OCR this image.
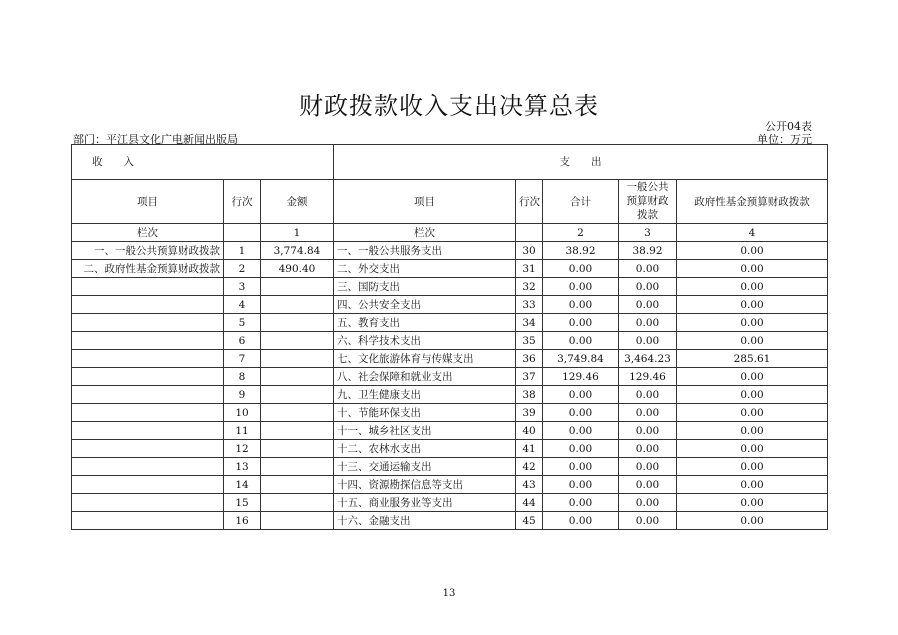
财政拨款收入支出决算总表
公开04表
部门：平江县文化广电新闻出版局	单位：万元
收　　入			支　　出				
项目	行次	金额	项目	行次	合计	一般公共
预算财政
拨款	政府性基金预算财政拨款
栏次		1	栏次		2	3	4
一、一般公共预算财政拨款	1	3,774.84	一、一般公共服务支出	30	38.92	38.92	0.00
二、政府性基金预算财政拨款	2	490.40	二、外交支出	31	0.00	0.00	0.00
	3		三、国防支出	32	0.00	0.00	0.00
	4		四、公共安全支出	33	0.00	0.00	0.00
	5		五、教育支出	34	0.00	0.00	0.00
	6		六、科学技术支出	35	0.00	0.00	0.00
	7		七、文化旅游体育与传媒支出	36	3,749.84	3,464.23	285.61
	8		八、社会保障和就业支出	37	129.46	129.46	0.00
	9		九、卫生健康支出	38	0.00	0.00	0.00
	10		十、节能环保支出	39	0.00	0.00	0.00
	11		十一、城乡社区支出	40	0.00	0.00	0.00
	12		十二、农林水支出	41	0.00	0.00	0.00
	13		十三、交通运输支出	42	0.00	0.00	0.00
	14		十四、资源勘探信息等支出	43	0.00	0.00	0.00
	15		十五、商业服务业等支出	44	0.00	0.00	0.00
	16		十六、金融支出	45	0.00	0.00	0.00
13
